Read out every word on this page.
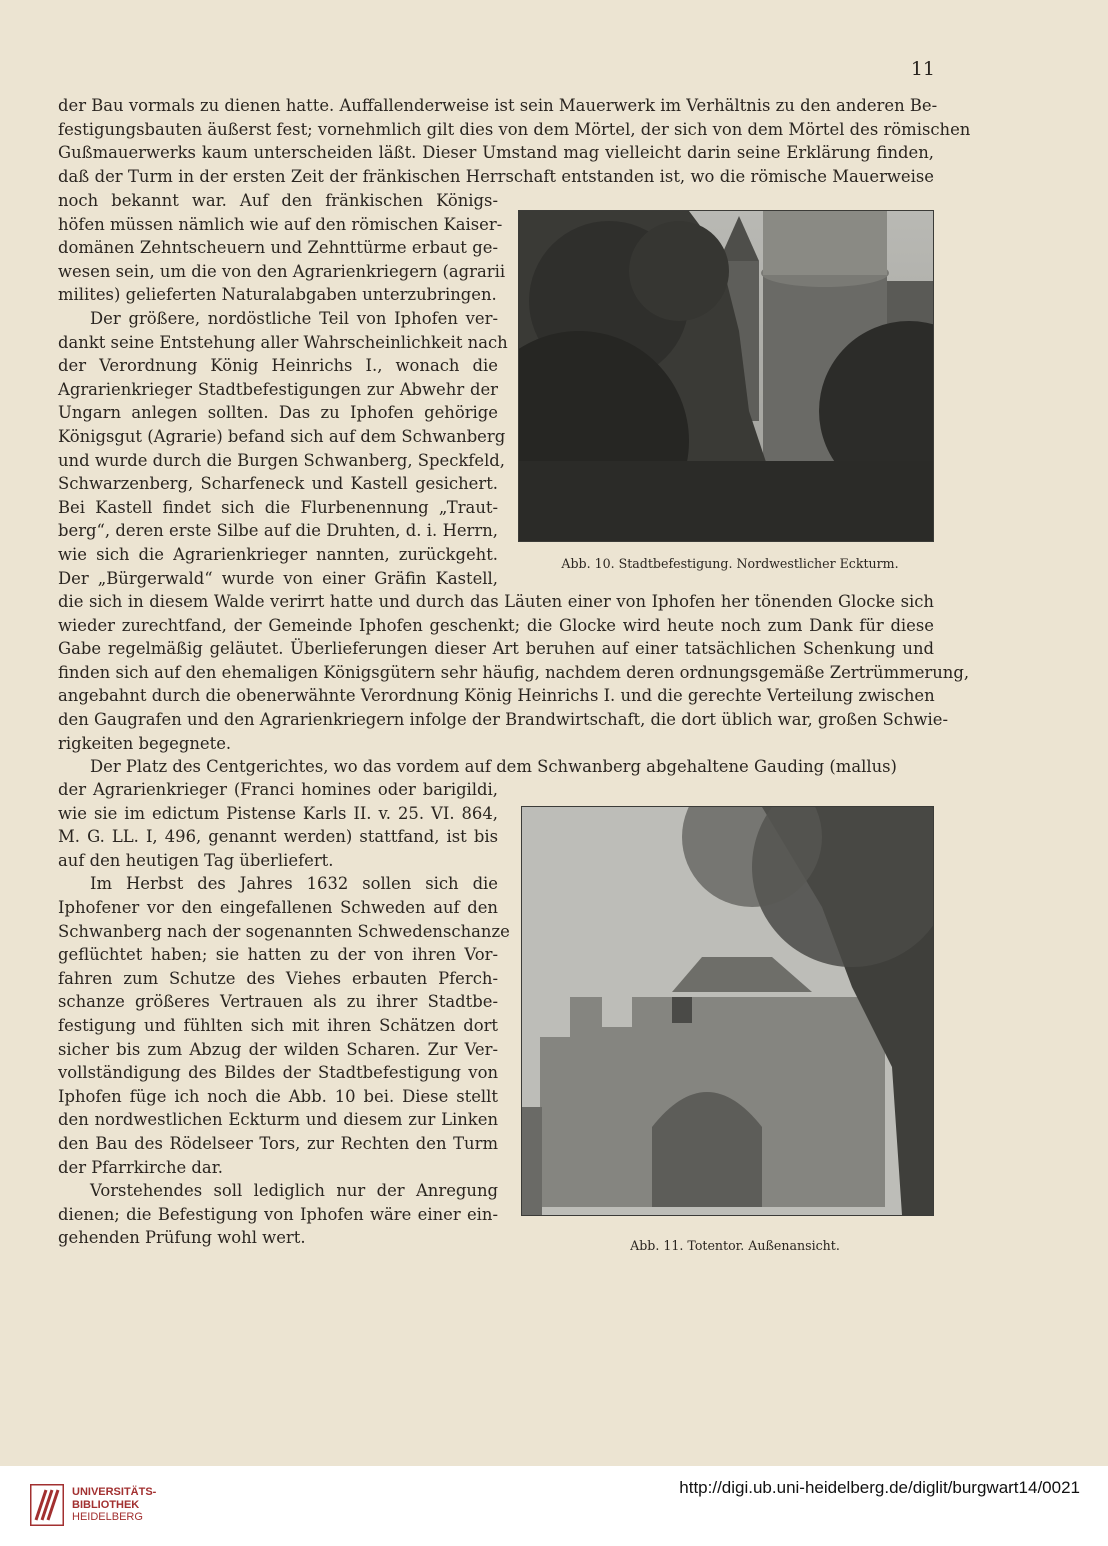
11
der Bau vormals zu dienen hatte. Auffallenderweise ist sein Mauerwerk im Verhältnis zu den anderen Be-
festigungsbauten äußerst fest; vornehmlich gilt dies von dem Mörtel, der sich von dem Mörtel des römischen
Gußmauerwerks kaum unterscheiden läßt. Dieser Umstand mag vielleicht darin seine Erklärung finden,
daß der Turm in der ersten Zeit der fränkischen Herrschaft entstanden ist, wo die römische Mauerweise
noch bekannt war. Auf den fränkischen Königs-
höfen müssen nämlich wie auf den römischen Kaiser-
domänen Zehntscheuern und Zehnttürme erbaut ge-
wesen sein, um die von den Agrarienkriegern (agrarii
milites) gelieferten Naturalabgaben unterzubringen.
Der größere, nordöstliche Teil von Iphofen ver-
dankt seine Entstehung aller Wahrscheinlichkeit nach
der Verordnung König Heinrichs I., wonach die
Agrarienkrieger Stadtbefestigungen zur Abwehr der
Ungarn anlegen sollten. Das zu Iphofen gehörige
Königsgut (Agrarie) befand sich auf dem Schwanberg
und wurde durch die Burgen Schwanberg, Speckfeld,
Schwarzenberg, Scharfeneck und Kastell gesichert.
Bei Kastell findet sich die Flurbenennung „Traut-
berg“, deren erste Silbe auf die Druhten, d. i. Herrn,
wie sich die Agrarienkrieger nannten, zurückgeht.
Der „Bürgerwald“ wurde von einer Gräfin Kastell,
die sich in diesem Walde verirrt hatte und durch das Läuten einer von Iphofen her tönenden Glocke sich
wieder zurechtfand, der Gemeinde Iphofen geschenkt; die Glocke wird heute noch zum Dank für diese
Gabe regelmäßig geläutet. Überlieferungen dieser Art beruhen auf einer tatsächlichen Schenkung und
finden sich auf den ehemaligen Königsgütern sehr häufig, nachdem deren ordnungsgemäße Zertrümmerung,
angebahnt durch die obenerwähnte Verordnung König Heinrichs I. und die gerechte Verteilung zwischen
den Gaugrafen und den Agrarienkriegern infolge der Brandwirtschaft, die dort üblich war, großen Schwie-
rigkeiten begegnete.
Der Platz des Centgerichtes, wo das vordem auf dem Schwanberg abgehaltene Gauding (mallus)
der Agrarienkrieger (Franci homines oder barigildi,
wie sie im edictum Pistense Karls II. v. 25. VI. 864,
M. G. LL. I, 496, genannt werden) stattfand, ist bis
auf den heutigen Tag überliefert.
Im Herbst des Jahres 1632 sollen sich die
Iphofener vor den eingefallenen Schweden auf den
Schwanberg nach der sogenannten Schwedenschanze
geflüchtet haben; sie hatten zu der von ihren Vor-
fahren zum Schutze des Viehes erbauten Pferch-
schanze größeres Vertrauen als zu ihrer Stadtbe-
festigung und fühlten sich mit ihren Schätzen dort
sicher bis zum Abzug der wilden Scharen. Zur Ver-
vollständigung des Bildes der Stadtbefestigung von
Iphofen füge ich noch die Abb. 10 bei. Diese stellt
den nordwestlichen Eckturm und diesem zur Linken
den Bau des Rödelseer Tors, zur Rechten den Turm
der Pfarrkirche dar.
Vorstehendes soll lediglich nur der Anregung
dienen; die Befestigung von Iphofen wäre einer ein-
gehenden Prüfung wohl wert.
Abb. 10. Stadtbefestigung. Nordwestlicher Eckturm.
Abb. 11. Totentor. Außenansicht.
UNIVERSITÄTS-
BIBLIOTHEK
HEIDELBERG
http://digi.ub.uni-heidelberg.de/diglit/burgwart14/0021
